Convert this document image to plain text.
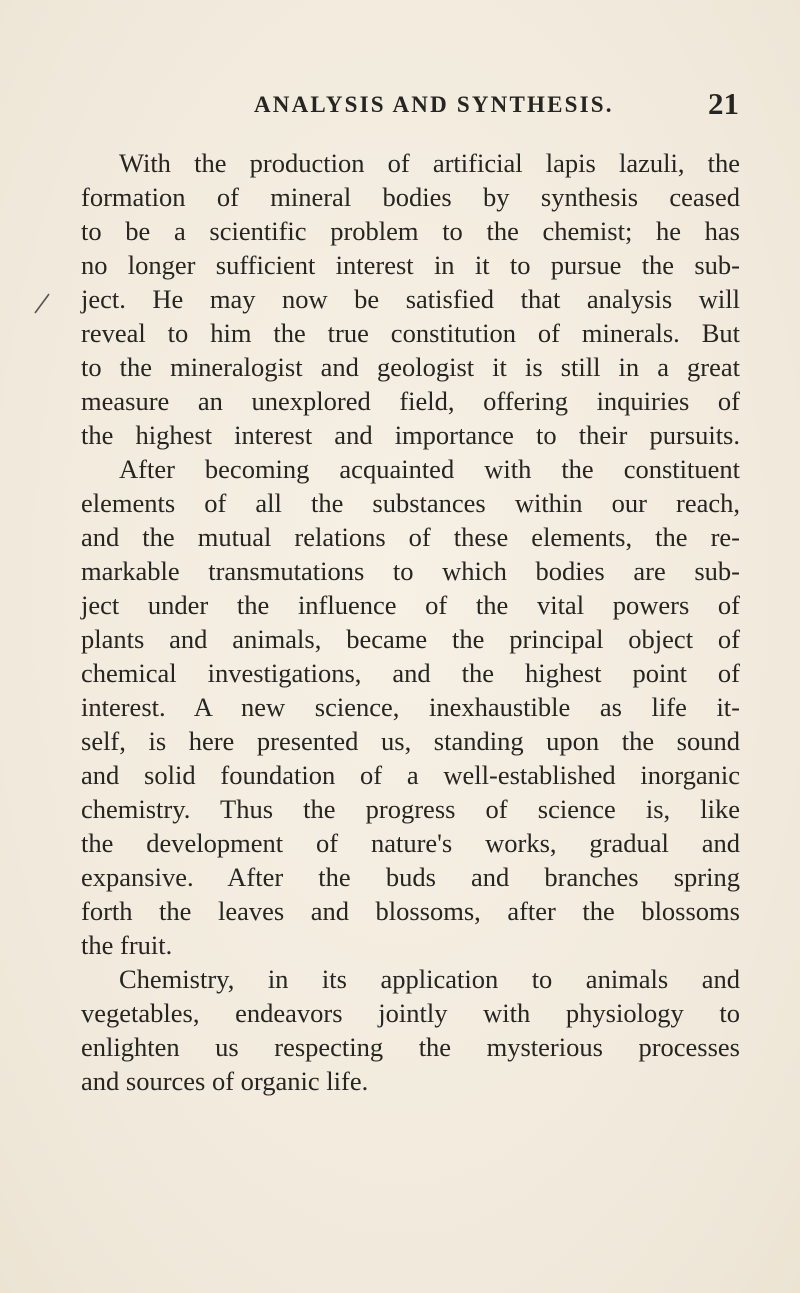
ANALYSIS AND SYNTHESIS.	21
With the production of artificial lapis lazuli, the
formation of mineral bodies by synthesis ceased
to be a scientific problem to the chemist; he has
no longer sufficient interest in it to pursue the sub-
ject. He may now be satisfied that analysis will
reveal to him the true constitution of minerals. But
to the mineralogist and geologist it is still in a great
measure an unexplored field, offering inquiries of
the highest interest and importance to their pursuits.
After becoming acquainted with the constituent
elements of all the substances within our reach,
and the mutual relations of these elements, the re-
markable transmutations to which bodies are sub-
ject under the influence of the vital powers of
plants and animals, became the principal object of
chemical investigations, and the highest point of
interest. A new science, inexhaustible as life it-
self, is here presented us, standing upon the sound
and solid foundation of a well-established inorganic
chemistry. Thus the progress of science is, like
the development of nature's works, gradual and
expansive. After the buds and branches spring
forth the leaves and blossoms, after the blossoms
the fruit.
Chemistry, in its application to animals and
vegetables, endeavors jointly with physiology to
enlighten us respecting the mysterious processes
and sources of organic life.
